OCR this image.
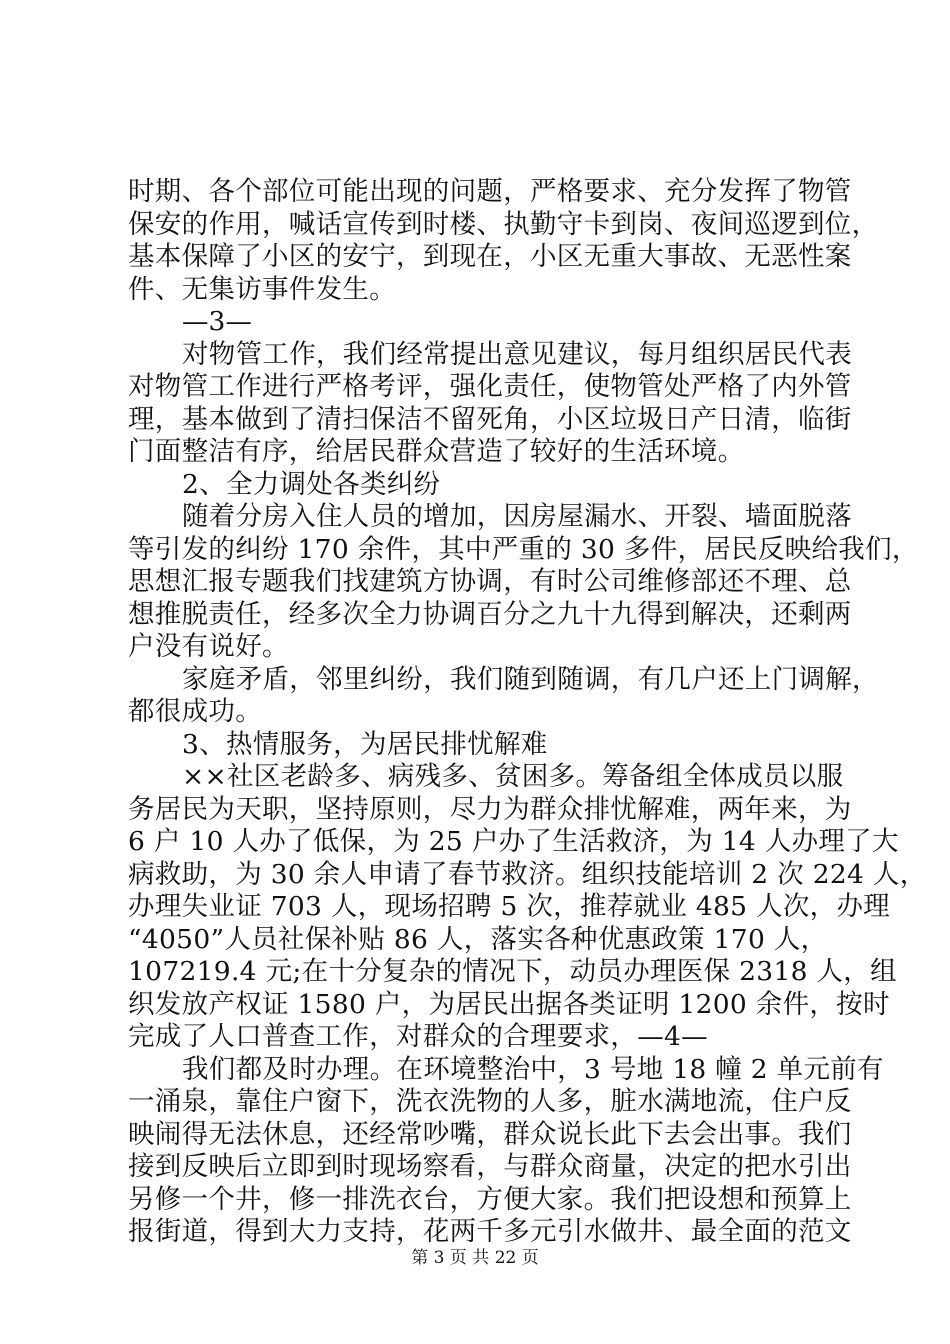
时期、各个部位可能出现的问题，严格要求、充分发挥了物管
保安的作用，喊话宣传到时楼、执勤守卡到岗、夜间巡逻到位，
基本保障了小区的安宁，到现在，小区无重大事故、无恶性案
件、无集访事件发生。
—3—
对物管工作，我们经常提出意见建议，每月组织居民代表
对物管工作进行严格考评，强化责任，使物管处严格了内外管
理，基本做到了清扫保洁不留死角，小区垃圾日产日清，临街
门面整洁有序，给居民群众营造了较好的生活环境。
2、全力调处各类纠纷
随着分房入住人员的增加，因房屋漏水、开裂、墙面脱落
等引发的纠纷 170 余件，其中严重的 30 多件，居民反映给我们，
思想汇报专题我们找建筑方协调，有时公司维修部还不理、总
想推脱责任，经多次全力协调百分之九十九得到解决，还剩两
户没有说好。
家庭矛盾，邻里纠纷，我们随到随调，有几户还上门调解，
都很成功。
3、热情服务，为居民排忧解难
××社区老龄多、病残多、贫困多。筹备组全体成员以服
务居民为天职，坚持原则，尽力为群众排忧解难，两年来，为
6 户 10 人办了低保，为 25 户办了生活救济，为 14 人办理了大
病救助，为 30 余人申请了春节救济。组织技能培训 2 次 224 人，
办理失业证 703 人，现场招聘 5 次，推荐就业 485 人次，办理
“4050”人员社保补贴 86 人，落实各种优惠政策 170 人，
107219.4 元;在十分复杂的情况下，动员办理医保 2318 人，组
织发放产权证 1580 户，为居民出据各类证明 1200 余件，按时
完成了人口普查工作，对群众的合理要求，—4—
我们都及时办理。在环境整治中，3 号地 18 幢 2 单元前有
一涌泉，靠住户窗下，洗衣洗物的人多，脏水满地流，住户反
映闹得无法休息，还经常吵嘴，群众说长此下去会出事。我们
接到反映后立即到时现场察看，与群众商量，决定的把水引出
另修一个井，修一排洗衣台，方便大家。我们把设想和预算上
报街道，得到大力支持，花两千多元引水做井、最全面的范文
第 3 页 共 22 页
